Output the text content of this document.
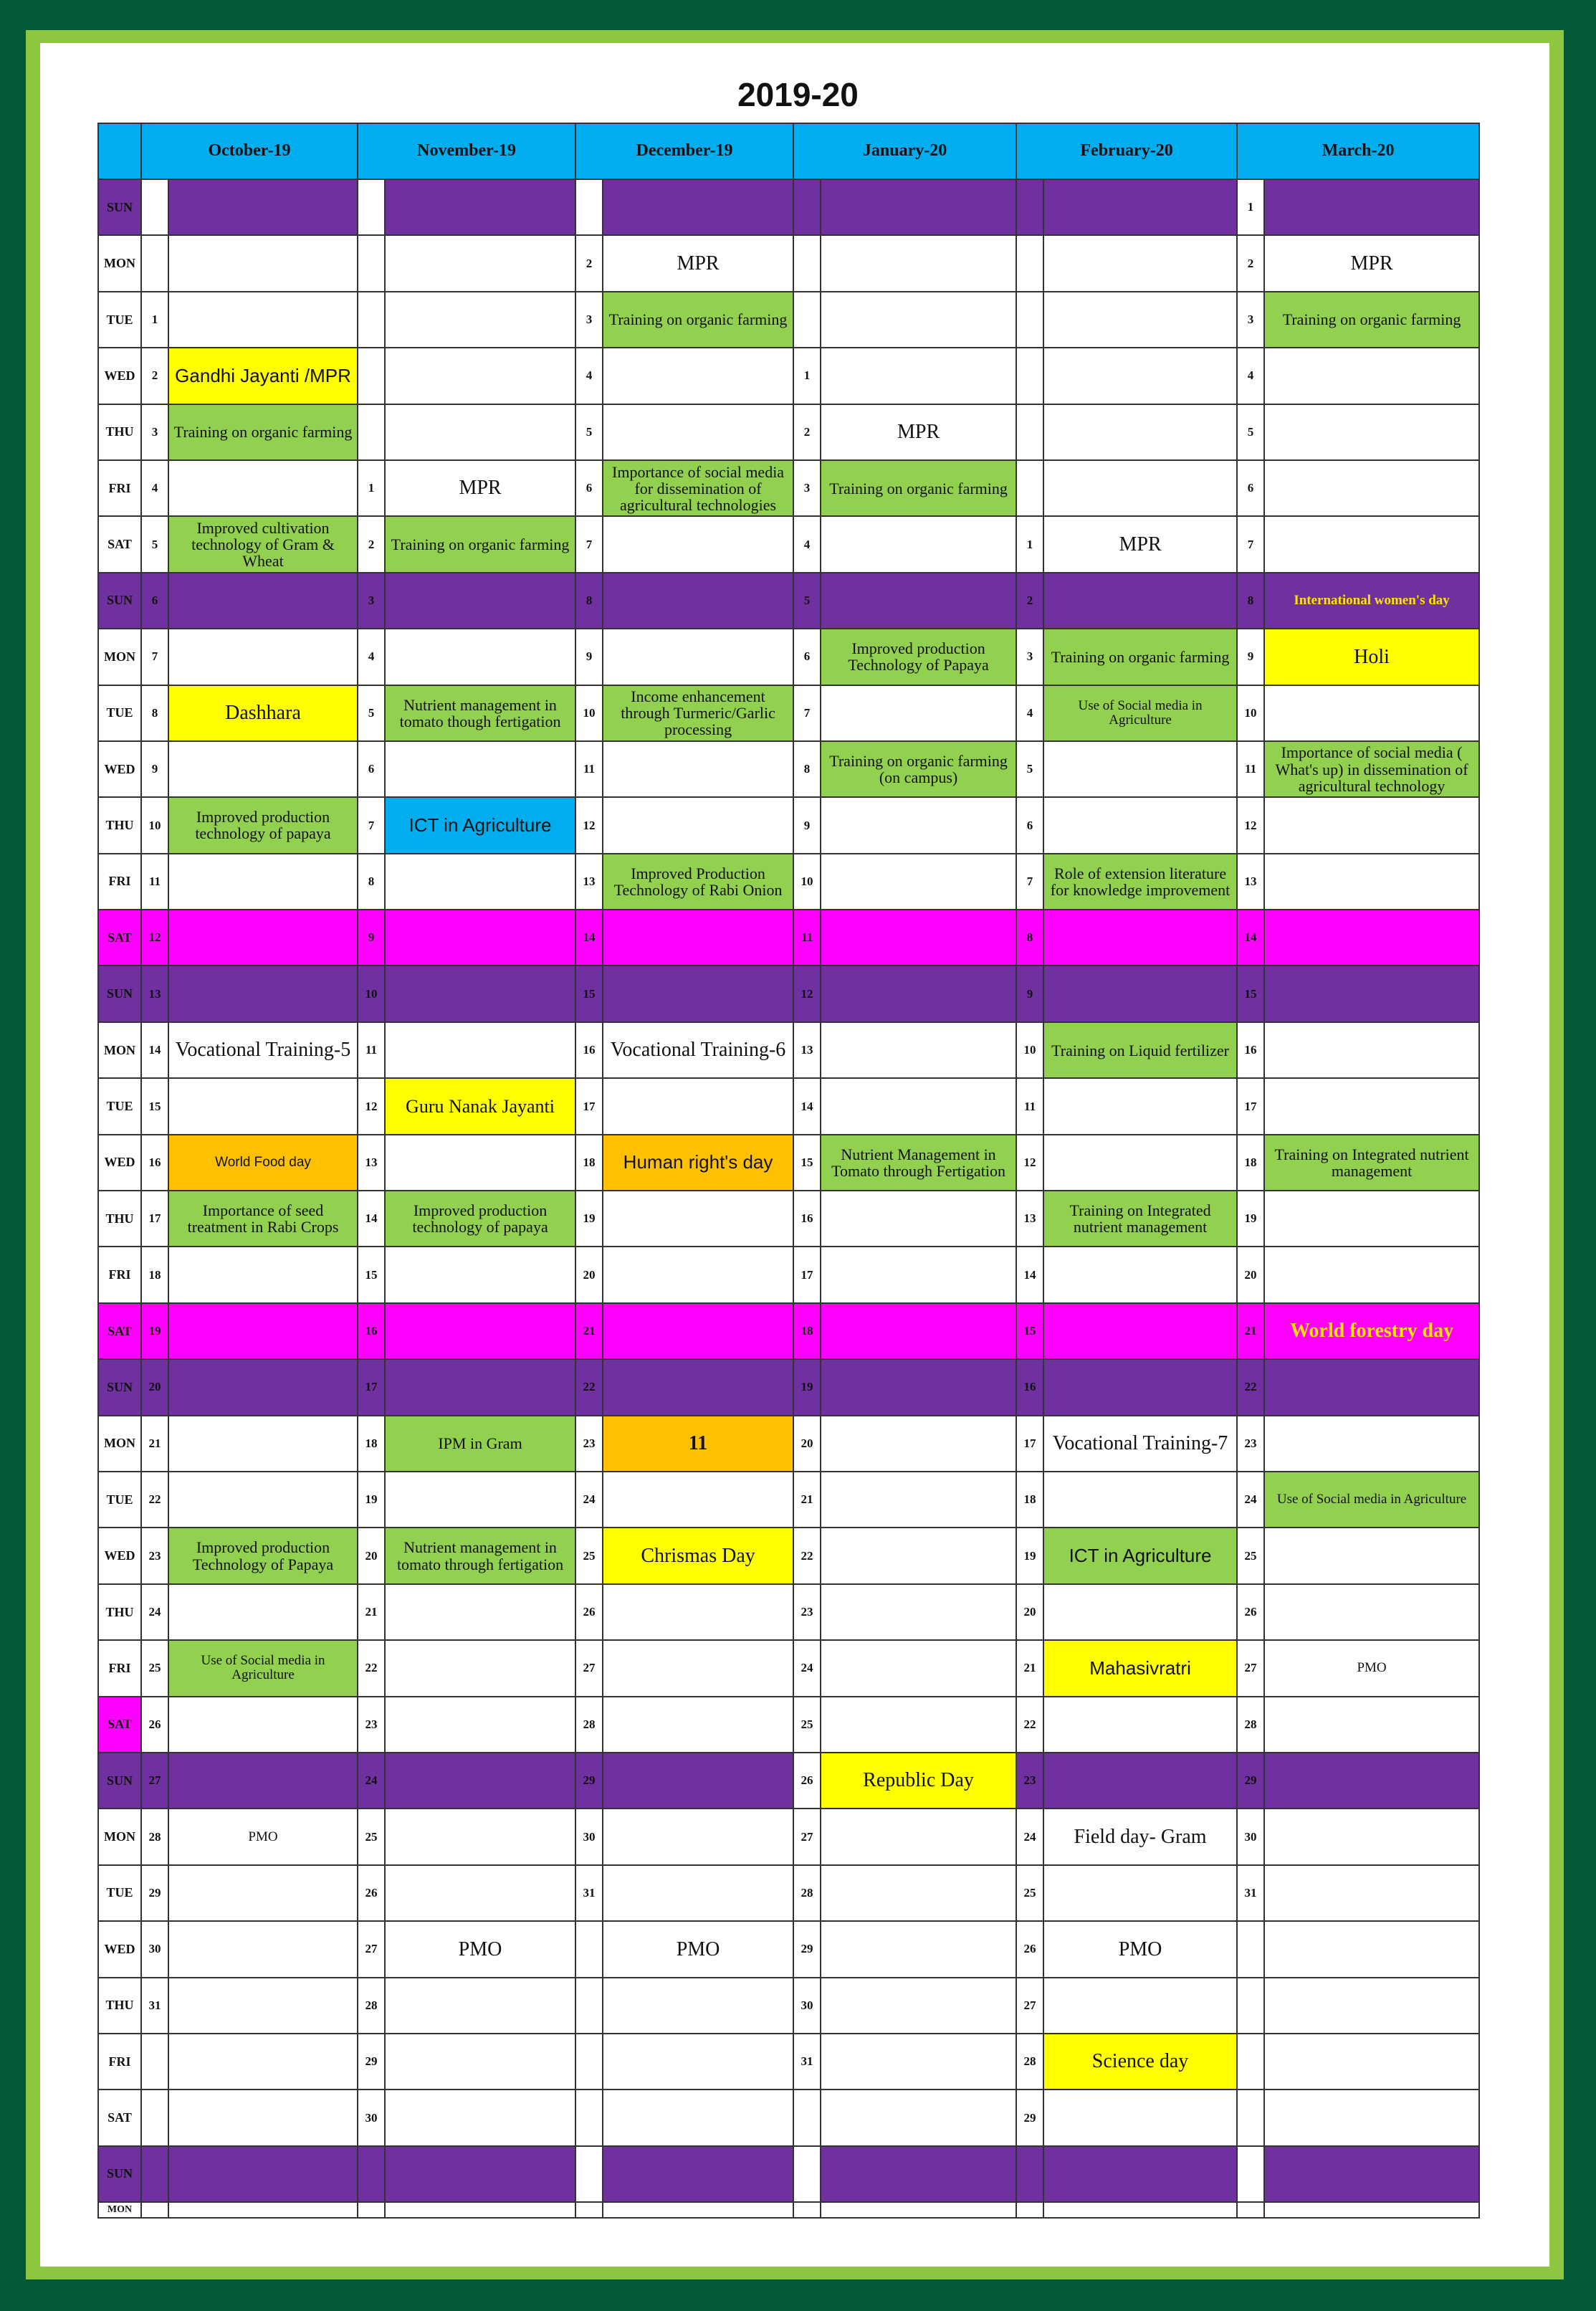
2019-20
	October-19		November-19		December-19		January-20		February-20		March-20	
SUN											1	
MON					2	MPR					2	MPR
TUE	1				3	Training on organic farming					3	Training on organic farming
WED	2	Gandhi Jayanti /MPR			4		1				4	
THU	3	Training on organic farming			5		2	MPR			5	
FRI	4		1	MPR	6	Importance of social media for dissemination of agricultural technologies	3	Training on organic farming			6	
SAT	5	Improved cultivation technology of Gram & Wheat	2	Training on organic farming	7		4		1	MPR	7	
SUN	6		3		8		5		2		8	International women's day
MON	7		4		9		6	Improved production Technology of Papaya	3	Training on organic farming	9	Holi
TUE	8	Dashhara	5	Nutrient management in tomato though fertigation	10	Income enhancement through Turmeric/Garlic processing	7		4	Use of Social media in Agriculture	10	
WED	9		6		11		8	Training on organic farming (on campus)	5		11	Importance of social media ( What's up) in dissemination of agricultural technology
THU	10	Improved production technology of papaya	7	ICT in Agriculture	12		9		6		12	
FRI	11		8		13	Improved Production Technology of Rabi Onion	10		7	Role of extension literature for knowledge improvement	13	
SAT	12		9		14		11		8		14	
SUN	13		10		15		12		9		15	
MON	14	Vocational Training-5	11		16	Vocational Training-6	13		10	Training on Liquid fertilizer	16	
TUE	15		12	Guru Nanak Jayanti	17		14		11		17	
WED	16	World Food day	13		18	Human right's day	15	Nutrient Management in Tomato through Fertigation	12		18	Training on Integrated nutrient management
THU	17	Importance of seed treatment in Rabi Crops	14	Improved production technology of papaya	19		16		13	Training on Integrated nutrient management	19	
FRI	18		15		20		17		14		20	
SAT	19		16		21		18		15		21	World forestry day
SUN	20		17		22		19		16		22	
MON	21		18	IPM in Gram	23	11	20		17	Vocational Training-7	23	
TUE	22		19		24		21		18		24	Use of Social media in Agriculture
WED	23	Improved production Technology of Papaya	20	Nutrient management in tomato through fertigation	25	Chrismas Day	22		19	ICT in Agriculture	25	
THU	24		21		26		23		20		26	
FRI	25	Use of Social media in Agriculture	22		27		24		21	Mahasivratri	27	PMO
SAT	26		23		28		25		22		28	
SUN	27		24		29		26	Republic Day	23		29	
MON	28	PMO	25		30		27		24	Field day- Gram	30	
TUE	29		26		31		28		25		31	
WED	30		27	PMO		PMO	29		26	PMO		
THU	31		28				30		27			
FRI			29				31		28	Science day		
SAT			30						29			
SUN												
MON												
